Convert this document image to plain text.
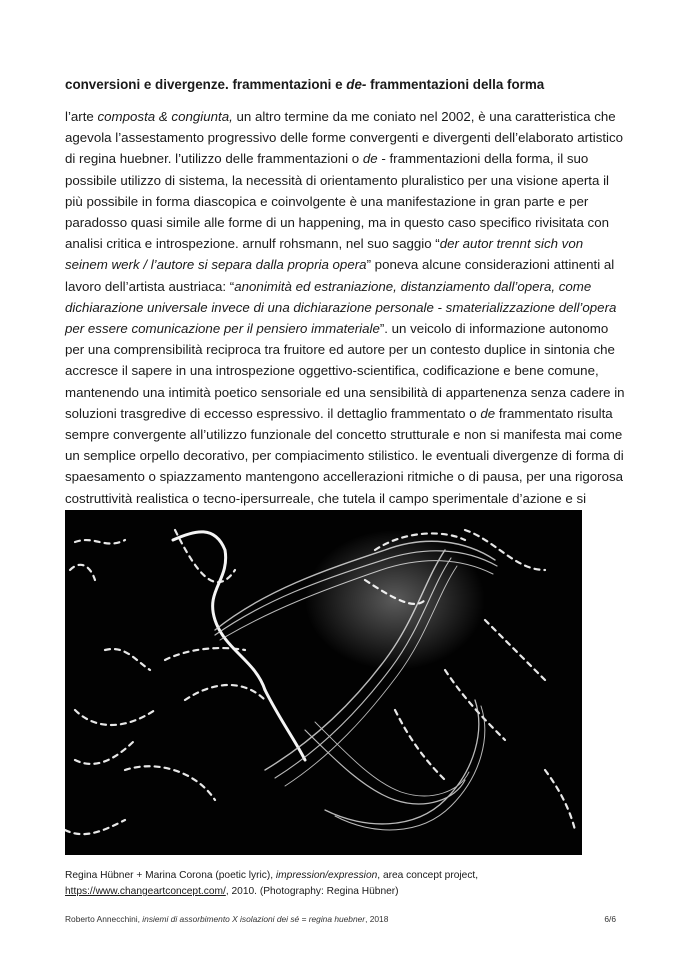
conversioni e divergenze. frammentazioni e de- frammentazioni della forma

l’arte composta & congiunta, un altro termine da me coniato nel 2002, è una caratteristica che agevola l’assestamento progressivo delle forme convergenti e divergenti dell’elaborato artistico di regina huebner. l’utilizzo delle frammentazioni o de - frammentazioni della forma, il suo possibile utilizzo di sistema, la necessità di orientamento pluralistico per una visione aperta il più possibile in forma diascopica e coinvolgente è una manifestazione in gran parte e per paradosso quasi simile alle forme di un happening, ma in questo caso specifico rivisitata con analisi critica e introspezione. arnulf rohsmann, nel suo saggio “der autor trennt sich von seinem werk / l’autore si separa dalla propria opera” poneva alcune considerazioni attinenti al lavoro dell’artista austriaca: “anonimità ed estraniazione, distanziamento dall’opera, come dichiarazione universale invece di una dichiarazione personale - smaterializzazione dell’opera per essere comunicazione per il pensiero immateriale”. un veicolo di informazione autonomo per una comprensibilità reciproca tra fruitore ed autore per un contesto duplice in sintonia che accresce il sapere in una introspezione oggettivo-scientifica, codificazione e bene comune, mantenendo una intimità poetico sensoriale ed una sensibilità di appartenenza senza cadere in soluzioni trasgredive di eccesso espressivo. il dettaglio frammentato o de frammentato risulta sempre convergente all’utilizzo funzionale del concetto strutturale e non si manifesta mai come un semplice orpello decorativo, per compiacimento stilistico. le eventuali divergenze di forma di spaesamento o spiazzamento mantengono accellerazioni ritmiche o di pausa, per una rigorosa costruttività realistica o tecno-ipersurreale, che tutela il campo sperimentale d’azione e si

Regina Hübner + Marina Corona (poetic lyric), impression/expression, area concept project, https://www.changeartconcept.com/, 2010. (Photography: Regina Hübner)
Roberto Annecchini, insiemi di assorbimento X isolazioni dei sé = regina huebner, 2018	6/6
